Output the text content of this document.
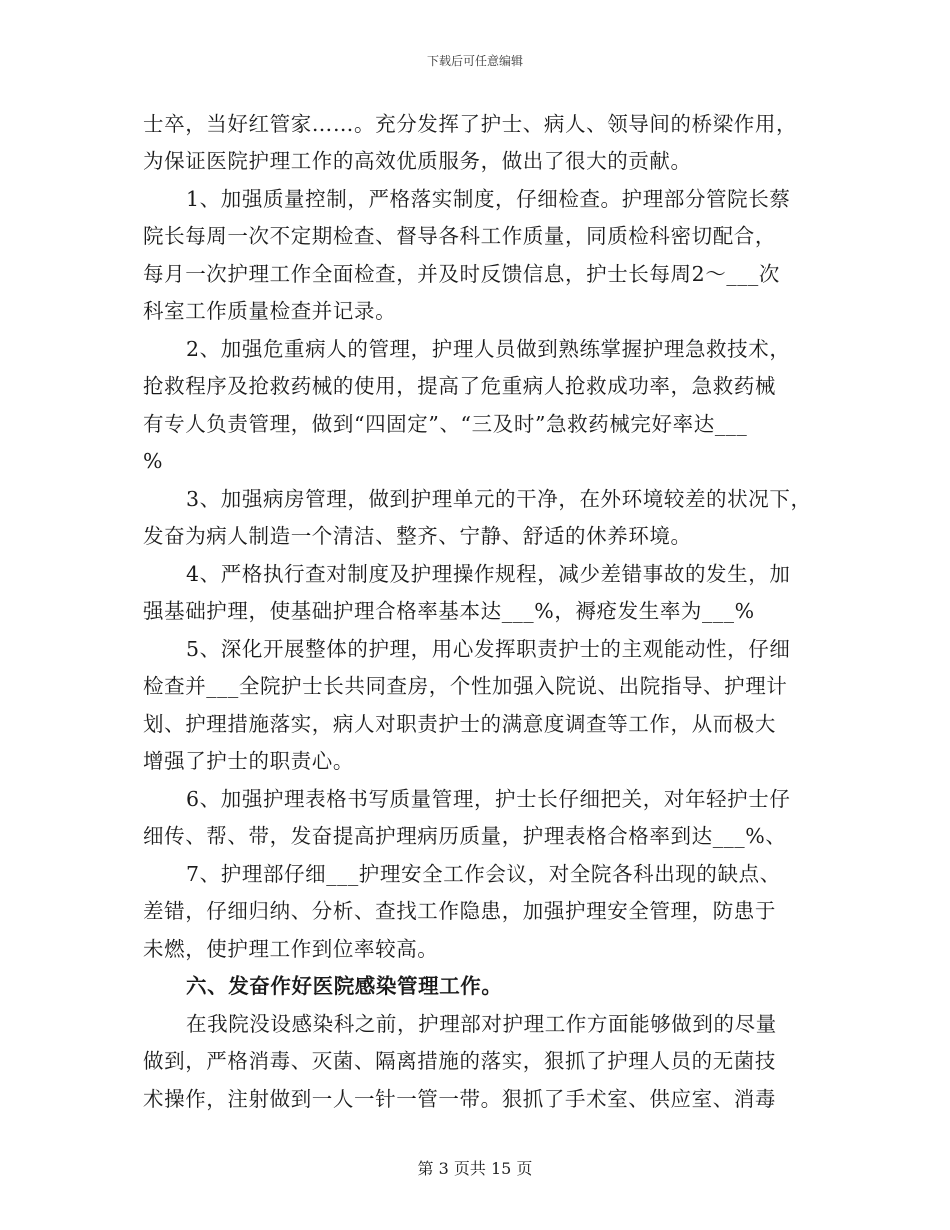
下载后可任意编辑
士卒，当好红管家……。充分发挥了护士、病人、领导间的桥梁作用，
为保证医院护理工作的高效优质服务，做出了很大的贡献。
1、加强质量控制，严格落实制度，仔细检查。护理部分管院长蔡
院长每周一次不定期检查、督导各科工作质量，同质检科密切配合，
每月一次护理工作全面检查，并及时反馈信息，护士长每周2～___次
科室工作质量检查并记录。
2、加强危重病人的管理，护理人员做到熟练掌握护理急救技术，
抢救程序及抢救药械的使用，提高了危重病人抢救成功率，急救药械
有专人负责管理，做到“四固定”、“三及时”急救药械完好率达___
%
3、加强病房管理，做到护理单元的干净，在外环境较差的状况下，
发奋为病人制造一个清洁、整齐、宁静、舒适的休养环境。
4、严格执行查对制度及护理操作规程，减少差错事故的发生，加
强基础护理，使基础护理合格率基本达___%，褥疮发生率为___%
5、深化开展整体的护理，用心发挥职责护士的主观能动性，仔细
检查并___全院护士长共同查房，个性加强入院说、出院指导、护理计
划、护理措施落实，病人对职责护士的满意度调查等工作，从而极大
增强了护士的职责心。
6、加强护理表格书写质量管理，护士长仔细把关，对年轻护士仔
细传、帮、带，发奋提高护理病历质量，护理表格合格率到达___%、
7、护理部仔细___护理安全工作会议，对全院各科出现的缺点、
差错，仔细归纳、分析、查找工作隐患，加强护理安全管理，防患于
未燃，使护理工作到位率较高。
六、发奋作好医院感染管理工作。
在我院没设感染科之前，护理部对护理工作方面能够做到的尽量
做到，严格消毒、灭菌、隔离措施的落实，狠抓了护理人员的无菌技
术操作，注射做到一人一针一管一带。狠抓了手术室、供应室、消毒
第 3 页共 15 页
